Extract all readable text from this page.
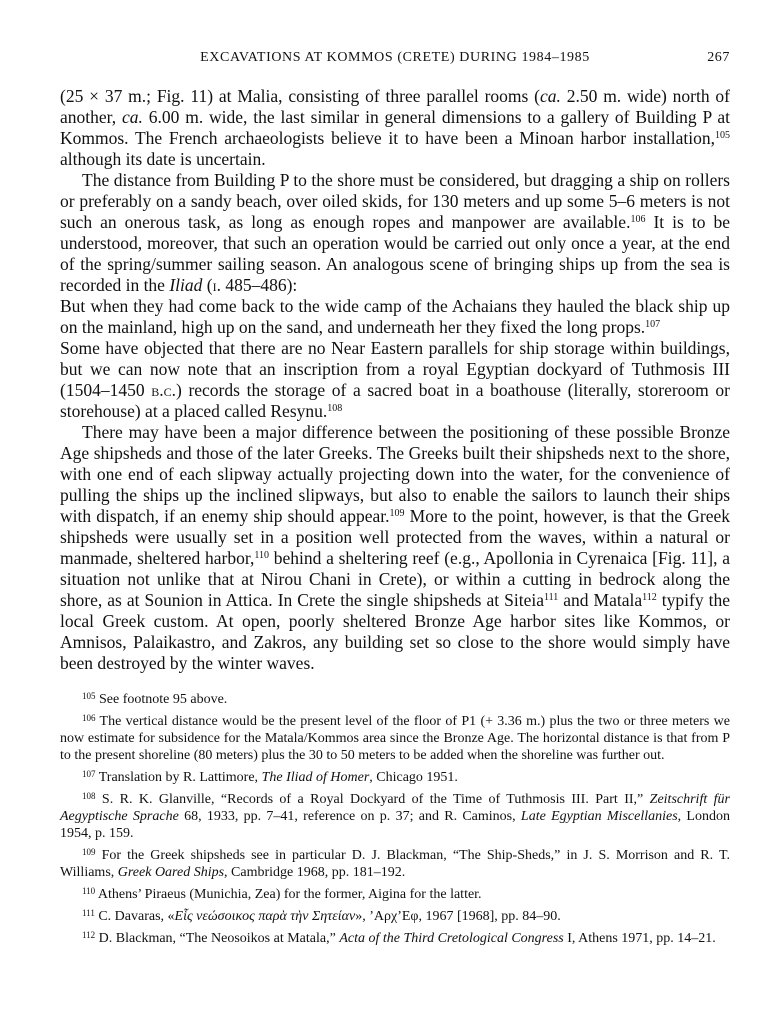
EXCAVATIONS AT KOMMOS (CRETE) DURING 1984–1985	267

(25 × 37 m.; Fig. 11) at Malia, consisting of three parallel rooms (ca. 2.50 m. wide) north of another, ca. 6.00 m. wide, the last similar in general dimensions to a gallery of Building P at Kommos. The French archaeologists believe it to have been a Minoan harbor installation,$^{105}$ although its date is uncertain.

The distance from Building P to the shore must be considered, but dragging a ship on rollers or preferably on a sandy beach, over oiled skids, for 130 meters and up some 5–6 meters is not such an onerous task, as long as enough ropes and manpower are available.$^{106}$ It is to be understood, moreover, that such an operation would be carried out only once a year, at the end of the spring/summer sailing season. An analogous scene of bringing ships up from the sea is recorded in the Iliad (i. 485–486):

But when they had come back to the wide camp of the Achaians they hauled the black ship up on the mainland, high up on the sand, and underneath her they fixed the long props.$^{107}$

Some have objected that there are no Near Eastern parallels for ship storage within buildings, but we can now note that an inscription from a royal Egyptian dockyard of Tuthmosis III (1504–1450 b.c.) records the storage of a sacred boat in a boathouse (literally, storeroom or storehouse) at a placed called Resynu.$^{108}$

There may have been a major difference between the positioning of these possible Bronze Age shipsheds and those of the later Greeks. The Greeks built their shipsheds next to the shore, with one end of each slipway actually projecting down into the water, for the convenience of pulling the ships up the inclined slipways, but also to enable the sailors to launch their ships with dispatch, if an enemy ship should appear.$^{109}$ More to the point, however, is that the Greek shipsheds were usually set in a position well protected from the waves, within a natural or manmade, sheltered harbor,$^{110}$ behind a sheltering reef (e.g., Apollonia in Cyrenaica [Fig. 11], a situation not unlike that at Nirou Chani in Crete), or within a cutting in bedrock along the shore, as at Sounion in Attica. In Crete the single shipsheds at Siteia$^{111}$ and Matala$^{112}$ typify the local Greek custom. At open, poorly sheltered Bronze Age harbor sites like Kommos, or Amnisos, Palaikastro, and Zakros, any building set so close to the shore would simply have been destroyed by the winter waves.

$^{105}$ See footnote 95 above.

$^{106}$ The vertical distance would be the present level of the floor of P1 (+ 3.36 m.) plus the two or three meters we now estimate for subsidence for the Matala/Kommos area since the Bronze Age. The horizontal distance is that from P to the present shoreline (80 meters) plus the 30 to 50 meters to be added when the shoreline was further out.

$^{107}$ Translation by R. Lattimore, The Iliad of Homer, Chicago 1951.

$^{108}$ S. R. K. Glanville, “Records of a Royal Dockyard of the Time of Tuthmosis III. Part II,” Zeitschrift für Aegyptische Sprache 68, 1933, pp. 7–41, reference on p. 37; and R. Caminos, Late Egyptian Miscellanies, London 1954, p. 159.

$^{109}$ For the Greek shipsheds see in particular D. J. Blackman, “The Ship-Sheds,” in J. S. Morrison and R. T. Williams, Greek Oared Ships, Cambridge 1968, pp. 181–192.

$^{110}$ Athens’ Piraeus (Munichia, Zea) for the former, Aigina for the latter.

$^{111}$ C. Davaras, «Εἷς νεώσοικος παρὰ τὴν Σητείαν», ’Αρχ’Εφ, 1967 [1968], pp. 84–90.

$^{112}$ D. Blackman, “The Neosoikos at Matala,” Acta of the Third Cretological Congress I, Athens 1971, pp. 14–21.
